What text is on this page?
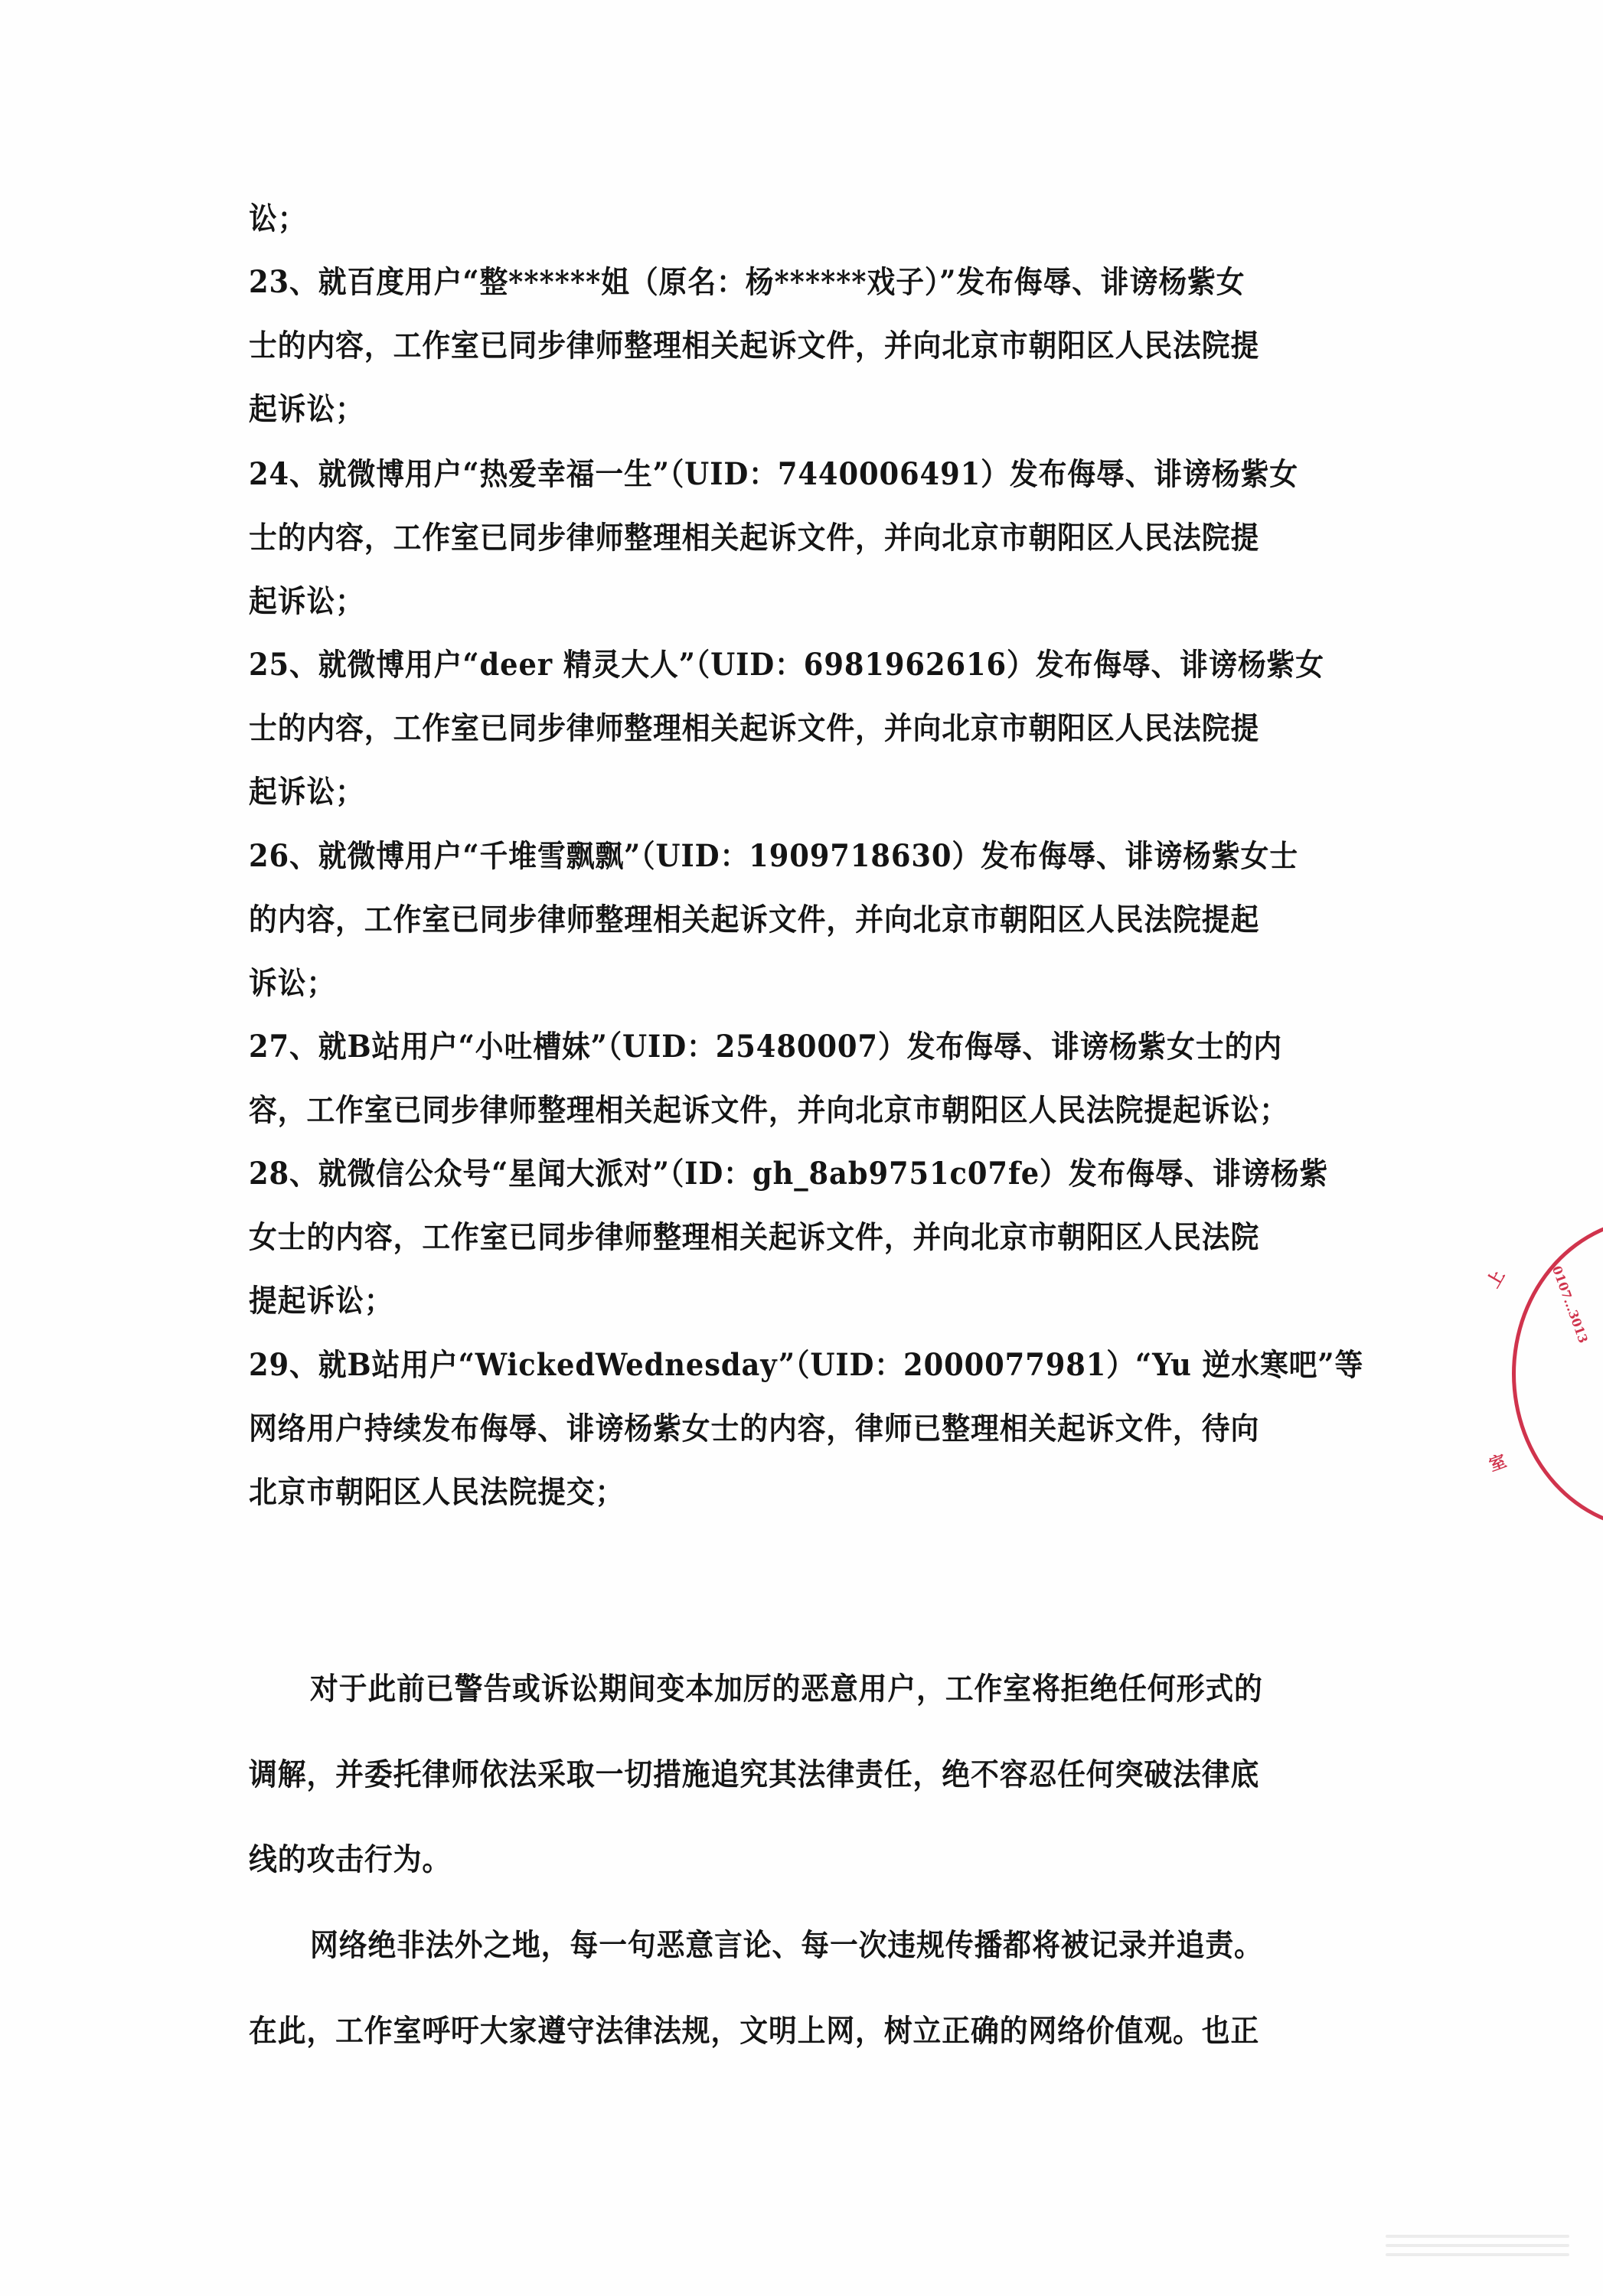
讼；
23、就百度用户“整******姐（原名：杨******戏子）”发布侮辱、诽谤杨紫女
士的内容，工作室已同步律师整理相关起诉文件，并向北京市朝阳区人民法院提
起诉讼；
24、就微博用户“热爱幸福一生”（UID：7440006491）发布侮辱、诽谤杨紫女
士的内容，工作室已同步律师整理相关起诉文件，并向北京市朝阳区人民法院提
起诉讼；
25、就微博用户“deer 精灵大人”（UID：6981962616）发布侮辱、诽谤杨紫女
士的内容，工作室已同步律师整理相关起诉文件，并向北京市朝阳区人民法院提
起诉讼；
26、就微博用户“千堆雪飘飘”（UID：1909718630）发布侮辱、诽谤杨紫女士
的内容，工作室已同步律师整理相关起诉文件，并向北京市朝阳区人民法院提起
诉讼；
27、就B站用户“小吐槽妹”（UID：25480007）发布侮辱、诽谤杨紫女士的内
容，工作室已同步律师整理相关起诉文件，并向北京市朝阳区人民法院提起诉讼；
28、就微信公众号“星闻大派对”（ID：gh_8ab9751c07fe）发布侮辱、诽谤杨紫
女士的内容，工作室已同步律师整理相关起诉文件，并向北京市朝阳区人民法院
提起诉讼；
29、就B站用户“WickedWednesday”（UID：2000077981）“Yu 逆水寒吧”等
网络用户持续发布侮辱、诽谤杨紫女士的内容，律师已整理相关起诉文件，待向
北京市朝阳区人民法院提交；
对于此前已警告或诉讼期间变本加厉的恶意用户，工作室将拒绝任何形式的
调解，并委托律师依法采取一切措施追究其法律责任，绝不容忍任何突破法律底
线的攻击行为。
网络绝非法外之地，每一句恶意言论、每一次违规传播都将被记录并追责。
在此，工作室呼吁大家遵守法律法规，文明上网，树立正确的网络价值观。也正
上	0107...3013
室
